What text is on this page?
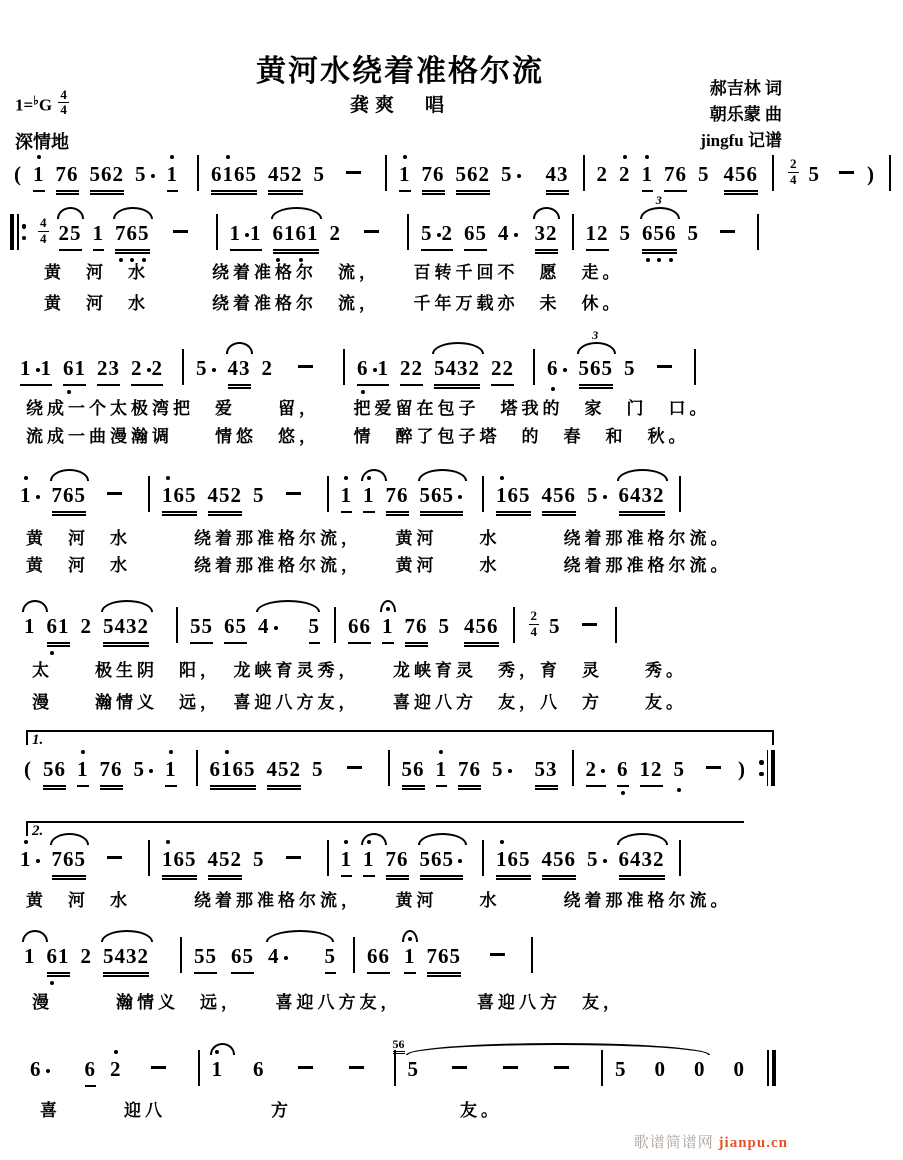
黄河水绕着准格尔流
龚爽　唱
郝吉林 词
朝乐蒙 曲
jingfu 记谱
$1=^♭G \frac{4}{4}$
深情地
( 1 76 562 5 1 6165 452 5	1 76 562 5 43 2 2 1 76 5 $456 \frac{2}{4} 5$ )
$\frac{4}{4} 25$ 1 765	1 1 6161 2	5 2 65 4 32 12 5 656
3
5
黄　河　水　　　绕着准格尔　流，　　百转千回不　愿　走。
黄　河　水　　　绕着准格尔　流，　　千年万载亦　未　休。
1 1 61 23 2 2 5 43 2	6 1 22 5432 22 6 565
3
5
绕成一个太极湾把　爱　　留，　　把爱留在包子　塔我的　家　门　口。
流成一曲漫瀚调　　情悠　悠，　　情　醉了包子塔　的　春　和　秋。
1 765	165 452 5	1 1 76 565 165 456 5 6432
黄　河　水　　　绕着那准格尔流，　　黄河　　水　　　绕着那准格尔流。
黄　河　水　　　绕着那准格尔流，　　黄河　　水　　　绕着那准格尔流。
1 61 2 5432 55 65 4 5 66 1 76 5 $456 \frac{2}{4} 5$
太　　极生阴　阳，　龙峡育灵秀，　　龙峡育灵　秀，育　灵　　秀。
漫　　瀚情义　远，　喜迎八方友，　　喜迎八方　友，八　方　　友。
( 56 1 76 5 1 6165 452 5	56 1 76 5 53 2 6 12 5	)
1 765	165 452 5	1 1 76 565 165 456 5 6432
黄　河　水　　　绕着那准格尔流，　　黄河　　水　　　绕着那准格尔流。
1 61 2 5432 55 65 4 5 66 1 765
漫　　　瀚情义　远，　　喜迎八方友，　　　　喜迎八方　友，
6 6 2	1 6	5
56
5 0 0 0
喜　　　迎八　　　　　方　　　　　　　　友。
1.
2.
歌谱简谱网 jianpu.cn
